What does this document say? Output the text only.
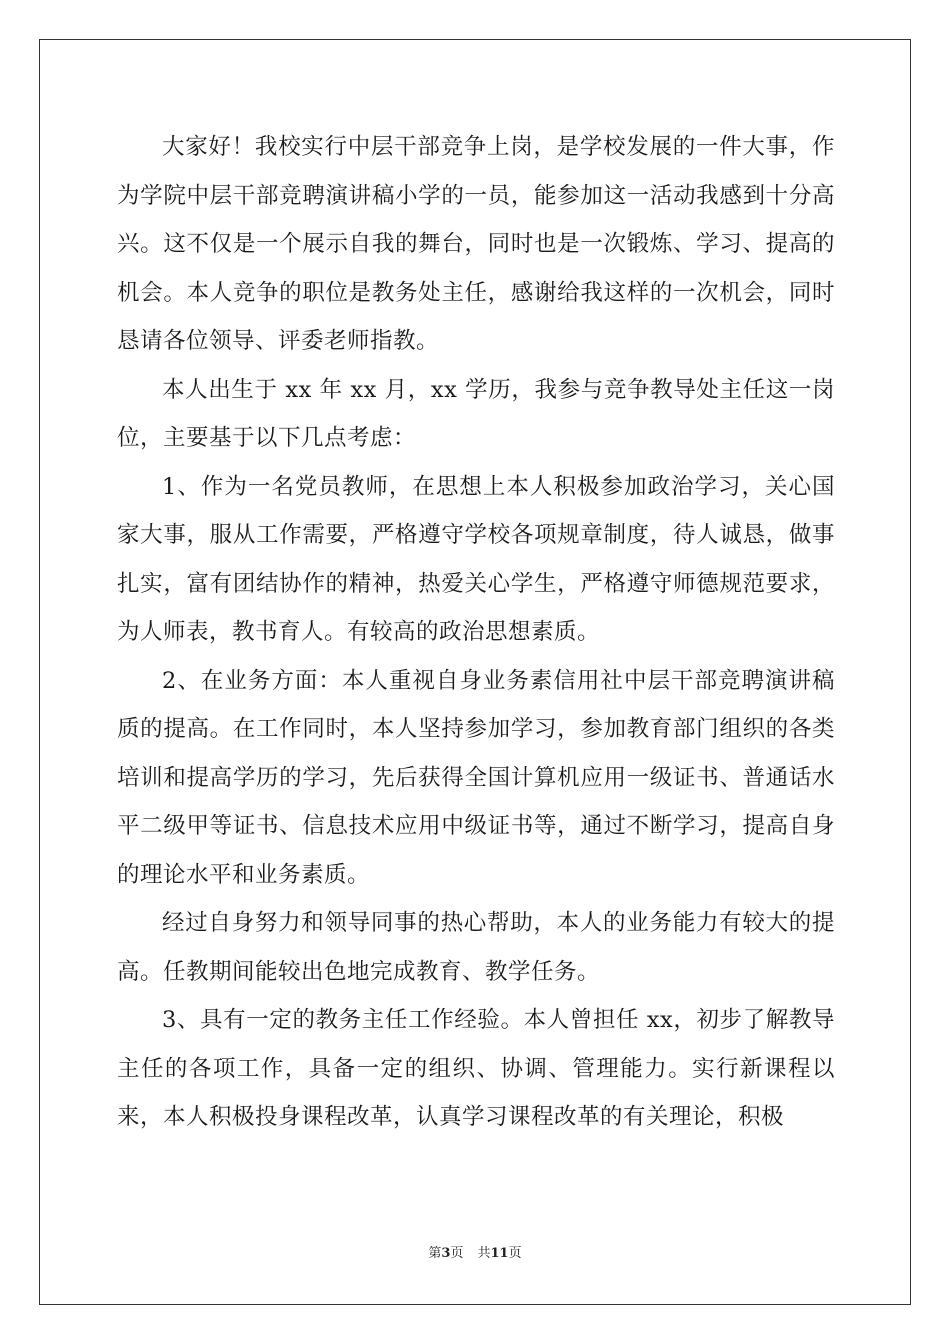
大家好！我校实行中层干部竞争上岗，是学校发展的一件大事，作为学院中层干部竞聘演讲稿小学的一员，能参加这一活动我感到十分高兴。这不仅是一个展示自我的舞台，同时也是一次锻炼、学习、提高的机会。本人竞争的职位是教务处主任，感谢给我这样的一次机会，同时恳请各位领导、评委老师指教。

本人出生于 xx 年 xx 月，xx 学历，我参与竞争教导处主任这一岗位，主要基于以下几点考虑：

1、作为一名党员教师，在思想上本人积极参加政治学习，关心国家大事，服从工作需要，严格遵守学校各项规章制度，待人诚恳，做事扎实，富有团结协作的精神，热爱关心学生，严格遵守师德规范要求，为人师表，教书育人。有较高的政治思想素质。

2、在业务方面：本人重视自身业务素信用社中层干部竞聘演讲稿质的提高。在工作同时，本人坚持参加学习，参加教育部门组织的各类培训和提高学历的学习，先后获得全国计算机应用一级证书、普通话水平二级甲等证书、信息技术应用中级证书等，通过不断学习，提高自身的理论水平和业务素质。

经过自身努力和领导同事的热心帮助，本人的业务能力有较大的提高。任教期间能较出色地完成教育、教学任务。

3、具有一定的教务主任工作经验。本人曾担任 xx，初步了解教导主任的各项工作，具备一定的组织、协调、管理能力。实行新课程以来，本人积极投身课程改革，认真学习课程改革的有关理论，积极

第3页 共11页
